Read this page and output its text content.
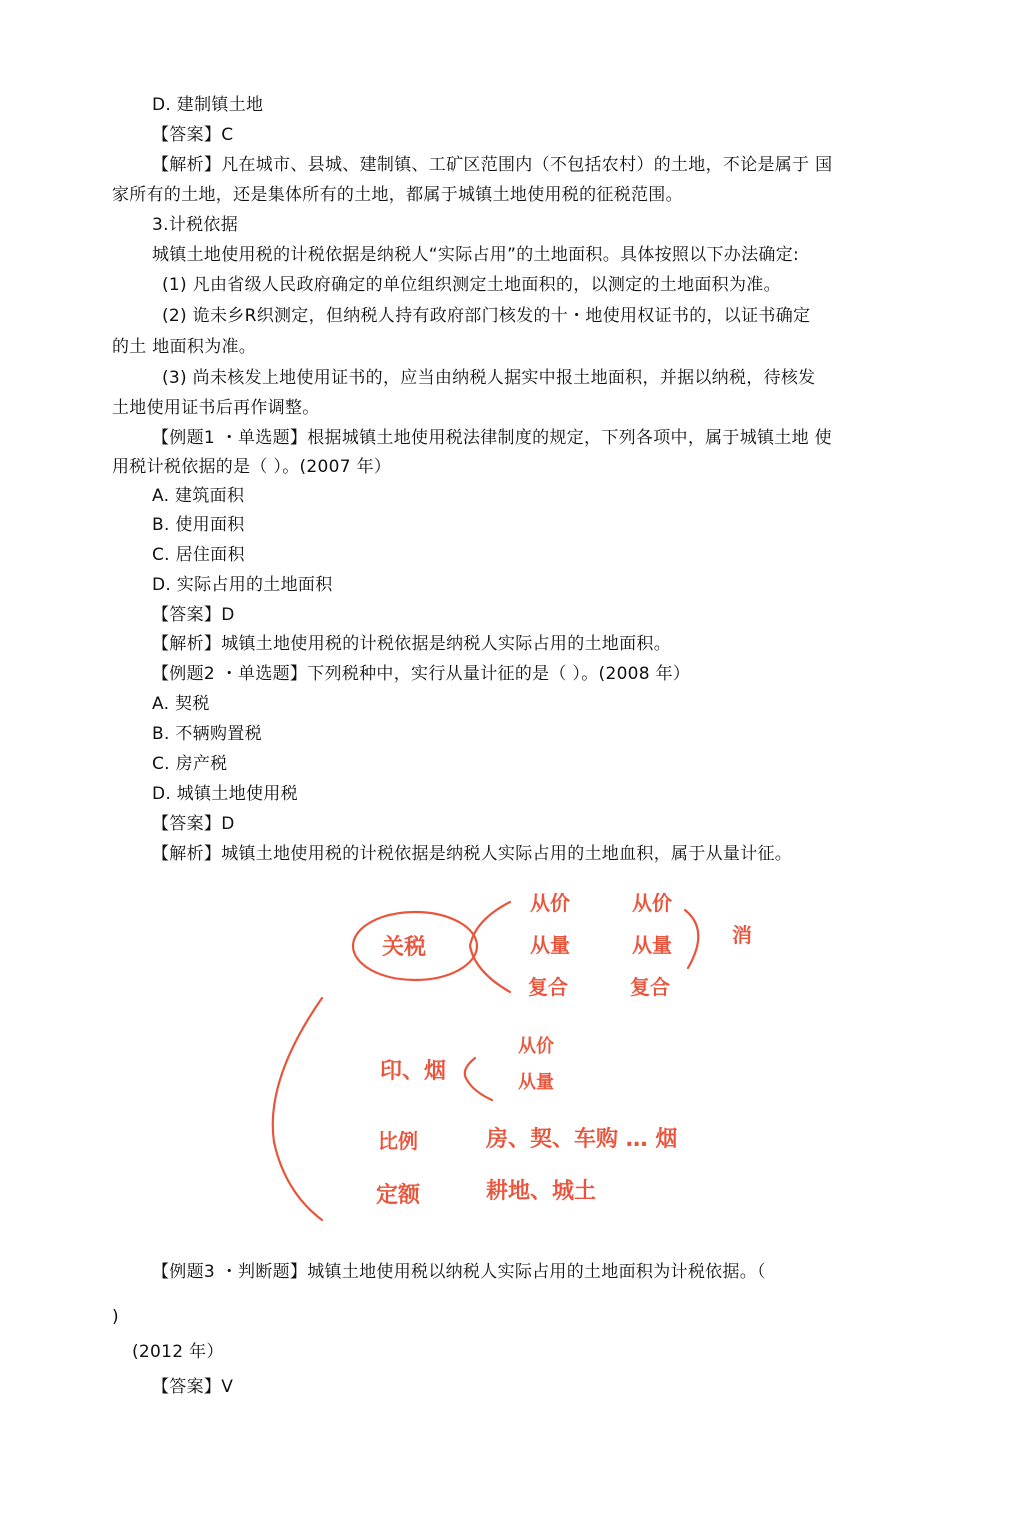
D. 建制镇土地
【答案】C
【解析】凡在城市、县城、建制镇、工矿区范围内（不包括农村）的土地，不论是属于 国
家所有的土地，还是集体所有的土地，都属于城镇土地使用税的征税范围。
3.计税依据
城镇土地使用税的计税依据是纳税人“实际占用”的土地面积。具体按照以下办法确定:
(1) 凡由省级人民政府确定的单位组织测定土地面积的，以测定的土地面积为准。
(2) 诡未乡R织测定，但纳税人持有政府部门核发的十・地使用权证书的，以证书确定
的土 地面积为准。
(3) 尚未核发上地使用证书的，应当由纳税人据实中报土地面积，并据以纳税，待核发
土地使用证书后再作调整。
【例题1 ・单选题】根据城镇土地使用税法律制度的规定，下列各项中，属于城镇土地 使
用税计税依据的是（ ）。(2007 年）
A. 建筑面积
B. 使用面积
C. 居住面积
D. 实际占用的土地面积
【答案】D
【解析】城镇土地使用税的计税依据是纳税人实际占用的土地面积。
【例题2 ・单选题】下列税种中，实行从量计征的是（ ）。(2008 年）
A. 契税
B. 不辆购置税
C. 房产税
D. 城镇土地使用税
【答案】D
【解析】城镇土地使用税的计税依据是纳税人实际占用的土地血积，属于从量计征。
关税
从价
从量
复合
从价
从量
复合
消
印、烟
从价
从量
比例	房、契、车购 … 烟
定额	耕地、城土
【例题3 ・判断题】城镇土地使用税以纳税人实际占用的土地面积为计税依据。（
)
(2012 年）
【答案】V
